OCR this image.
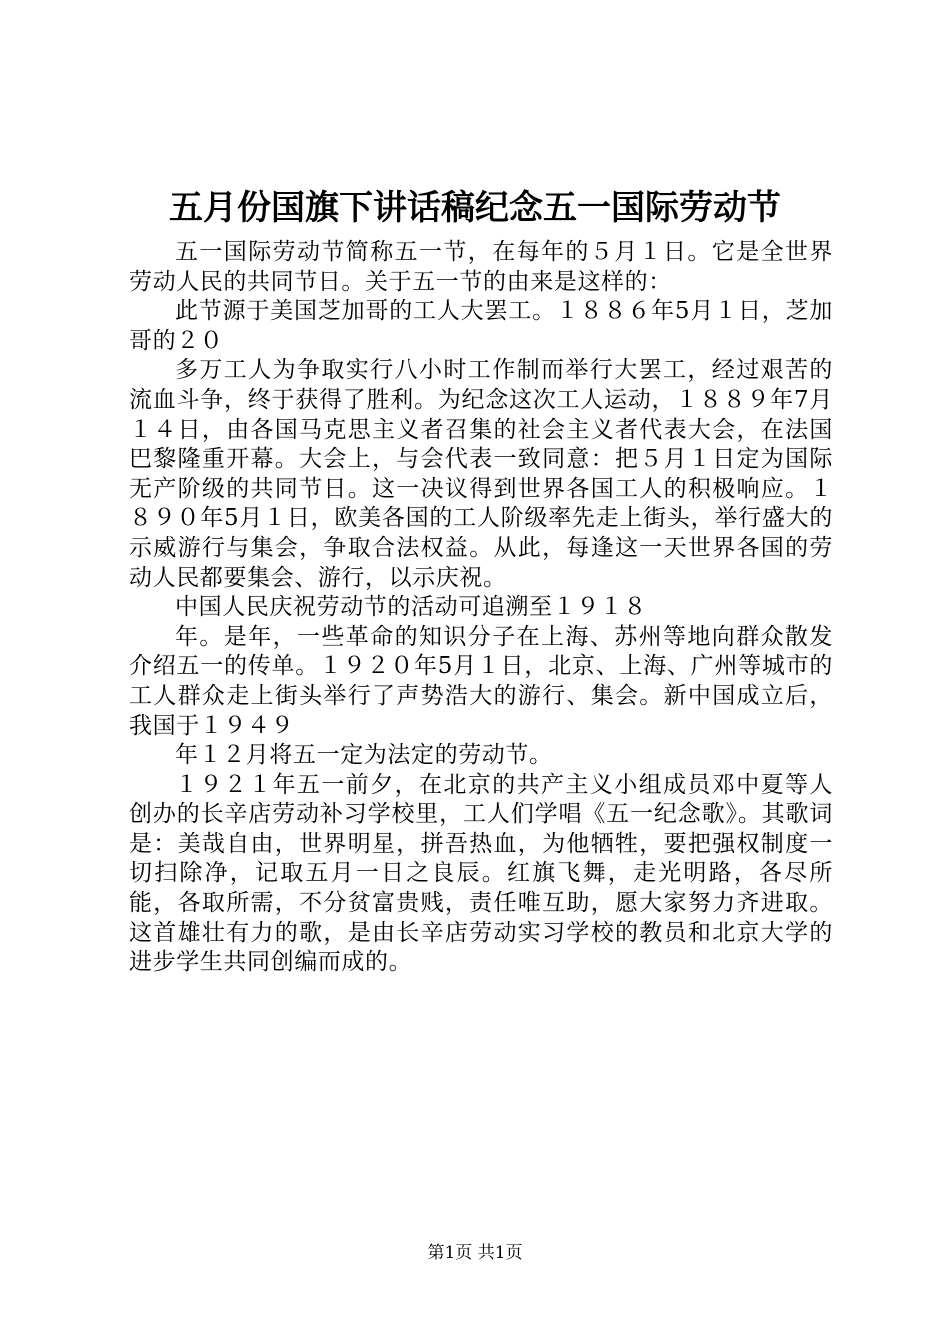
五月份国旗下讲话稿纪念五一国际劳动节

五一国际劳动节简称五一节，在每年的５月１日。它是全世界劳动人民的共同节日。关于五一节的由来是这样的：

此节源于美国芝加哥的工人大罢工。１８８６年5月１日，芝加哥的２０

多万工人为争取实行八小时工作制而举行大罢工，经过艰苦的流血斗争，终于获得了胜利。为纪念这次工人运动，１８８９年7月１４日，由各国马克思主义者召集的社会主义者代表大会，在法国巴黎隆重开幕。大会上，与会代表一致同意：把５月１日定为国际无产阶级的共同节日。这一决议得到世界各国工人的积极响应。１８９０年5月１日，欧美各国的工人阶级率先走上街头，举行盛大的示威游行与集会，争取合法权益。从此，每逢这一天世界各国的劳动人民都要集会、游行，以示庆祝。

中国人民庆祝劳动节的活动可追溯至１９１８

年。是年，一些革命的知识分子在上海、苏州等地向群众散发介绍五一的传单。１９２０年5月１日，北京、上海、广州等城市的工人群众走上街头举行了声势浩大的游行、集会。新中国成立后，我国于１９４９

年１２月将五一定为法定的劳动节。

１９２１年五一前夕，在北京的共产主义小组成员邓中夏等人创办的长辛店劳动补习学校里，工人们学唱《五一纪念歌》。其歌词是：美哉自由，世界明星，拼吾热血，为他牺牲，要把强权制度一切扫除净，记取五月一日之良辰。红旗飞舞，走光明路，各尽所能，各取所需，不分贫富贵贱，责任唯互助，愿大家努力齐进取。这首雄壮有力的歌，是由长辛店劳动实习学校的教员和北京大学的进步学生共同创编而成的。

第1页 共1页
